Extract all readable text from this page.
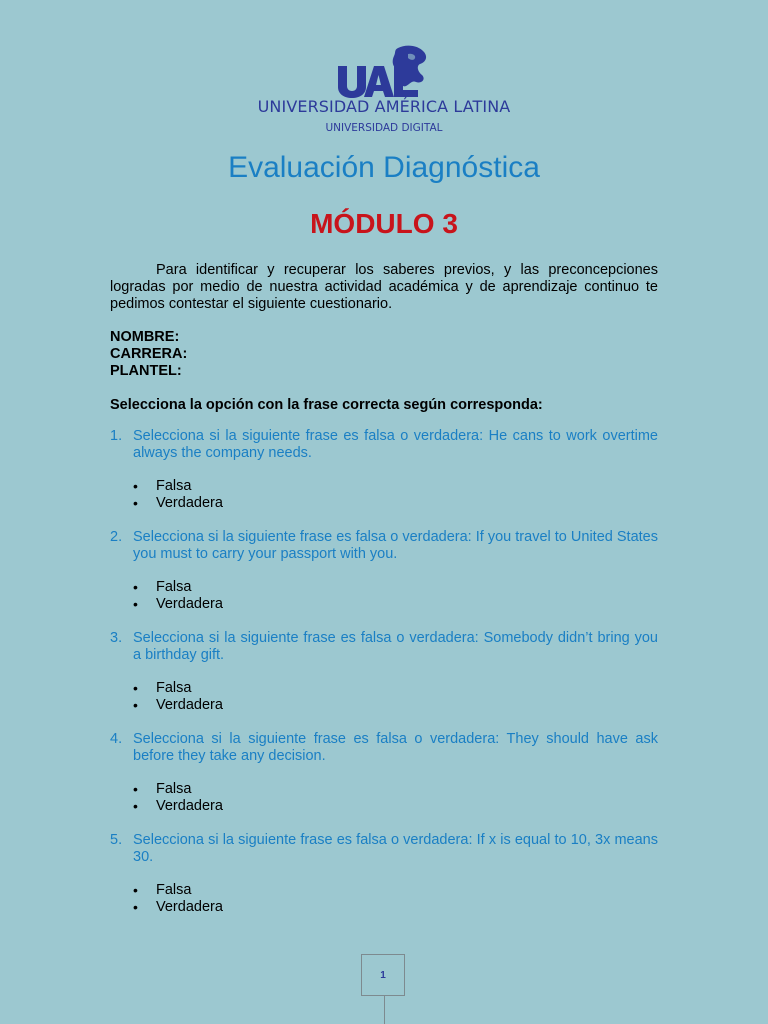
UNIVERSIDAD AMÉRICA LATINA
UNIVERSIDAD DIGITAL
Evaluación Diagnóstica
MÓDULO 3
Para identificar y recuperar los saberes previos, y las preconcepciones logradas por medio de nuestra actividad académica y de aprendizaje continuo te pedimos contestar el siguiente cuestionario.
NOMBRE:
CARRERA:
PLANTEL:
Selecciona la opción con la frase correcta según corresponda:
1. Selecciona si la siguiente frase es falsa o verdadera: He cans to work overtime always the company needs.
• Falsa
• Verdadera
2. Selecciona si la siguiente frase es falsa o verdadera: If you travel to United States you must to carry your passport with you.
• Falsa
• Verdadera
3. Selecciona si la siguiente frase es falsa o verdadera: Somebody didn’t bring you a birthday gift.
• Falsa
• Verdadera
4. Selecciona si la siguiente frase es falsa o verdadera: They should have ask before they take any decision.
• Falsa
• Verdadera
5. Selecciona si la siguiente frase es falsa o verdadera: If x is equal to 10, 3x means 30.
• Falsa
• Verdadera
1
